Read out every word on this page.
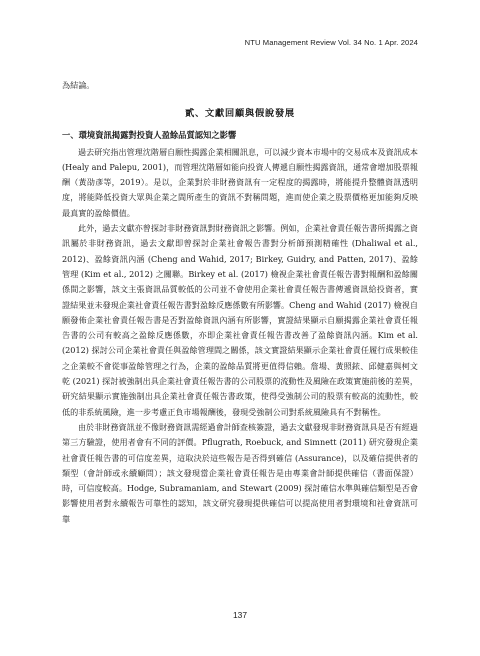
NTU Management Review Vol. 34 No. 1 Apr. 2024

為結論。

貳、文獻回顧與假說發展
一、環境資訊揭露對投資人盈餘品質認知之影響

過去研究指出管理沈階層自願性揭露企業相關訊息，可以減少資本市場中的交易成本及資訊成本 (Healy and Palepu, 2001)，而管理沈階層如能向投資人傳遞自願性揭露資訊，通常會增加股票報酬（黃劭彥等，2019）。是以，企業對於非財務資訊有一定程度的揭露時，將能提升整體資訊透明度，將能降低投資大眾與企業之間所產生的資訊不對稱問題，進而使企業之股票價格更加能夠反映最真實的盈餘價值。

此外，過去文獻亦曾探討非財務資訊對財務資訊之影響。例如，企業社會責任報告書所揭露之資訊屬於非財務資訊，過去文獻即曾探討企業社會報告書對分析師預測精確性 (Dhaliwal et al., 2012)、盈餘資訊內涵 (Cheng and Wahid, 2017; Birkey, Guidry, and Patten, 2017)、盈餘管理 (Kim et al., 2012) 之關聯。Birkey et al. (2017) 檢視企業社會責任報告書對報酬和盈餘關係間之影響，該文主張資訊品質較低的公司並不會使用企業社會責任報告書傳遞資訊給投資者，實證結果並未發現企業社會責任報告書對盈餘反應係數有所影響。Cheng and Wahid (2017) 檢視自願發佈企業社會責任報告書是否對盈餘資訊內涵有所影響，實證結果顯示自願揭露企業社會責任報告書的公司有較高之盈餘反應係數，亦即企業社會責任報告書改善了盈餘資訊內涵。Kim et al. (2012) 探討公司企業社會責任與盈餘管理間之關係，該文實證結果顯示企業社會責任履行成果較佳之企業較不會從事盈餘管理之行為，企業的盈餘品質將更值得信賴。詹場、黃照銥、邱健嘉與柯文乾 (2021) 探討被強制出具企業社會責任報告書的公司股票的流動性及風險在政策實施前後的差異，研究結果顯示實施強制出具企業社會責任報告書政策，使得受強制公司的股票有較高的流動性，較低的非系統風險，進一步考慮正負市場報酬後，發現受強制公司對系統風險具有不對稱性。

由於非財務資訊並不像財務資訊需經過會計師查核簽證，過去文獻發現非財務資訊具是否有經過第三方驗證，使用者會有不同的評價。Pflugrath, Roebuck, and Simnett (2011) 研究發現企業社會責任報告書的可信度差異，這取決於這些報告是否得到確信 (Assurance)，以及確信提供者的類型（會計師或永續顧問）；該文發現當企業社會責任報告是由專業會計師提供確信（書面保證）時，可信度較高。Hodge, Subramaniam, and Stewart (2009) 探討確信水準與確信類型是否會影響使用者對永續報告可靠性的認知，該文研究發現提供確信可以提高使用者對環境和社會資訊可靠

137
